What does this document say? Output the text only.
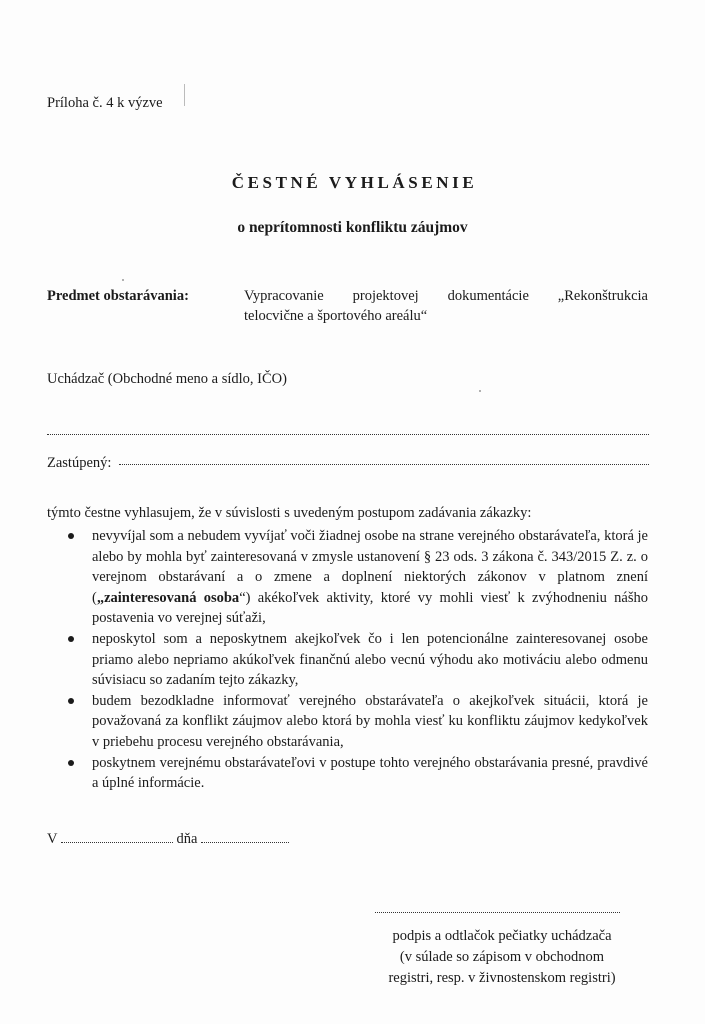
Príloha č. 4 k výzve
ČESTNÉ VYHLÁSENIE
o neprítomnosti konfliktu záujmov
Predmet obstarávania:	Vypracovanie projektovej dokumentácie „Rekonštrukcia
telocvične a športového areálu“
Uchádzač (Obchodné meno a sídlo, IČO)
Zastúpený:
týmto čestne vyhlasujem, že v súvislosti s uvedeným postupom zadávania zákazky:
nevyvíjal som a nebudem vyvíjať voči žiadnej osobe na strane verejného obstarávateľa, ktorá je alebo by mohla byť zainteresovaná v zmysle ustanovení § 23 ods. 3 zákona č. 343/2015 Z. z. o verejnom obstarávaní a o zmene a doplnení niektorých zákonov v platnom znení („zainteresovaná osoba“) akékoľvek aktivity, ktoré vy mohli viesť k zvýhodneniu nášho postavenia vo verejnej súťaži,
neposkytol som a neposkytnem akejkoľvek čo i len potencionálne zainteresovanej osobe priamo alebo nepriamo akúkoľvek finančnú alebo vecnú výhodu ako motiváciu alebo odmenu súvisiacu so zadaním tejto zákazky,
budem bezodkladne informovať verejného obstarávateľa o akejkoľvek situácii, ktorá je považovaná za konflikt záujmov alebo ktorá by mohla viesť ku konfliktu záujmov kedykoľvek v priebehu procesu verejného obstarávania,
poskytnem verejnému obstarávateľovi v postupe tohto verejného obstarávania presné, pravdivé a úplné informácie.
V	dňa
podpis a odtlačok pečiatky uchádzača
(v súlade so zápisom v obchodnom
registri, resp. v živnostenskom registri)
